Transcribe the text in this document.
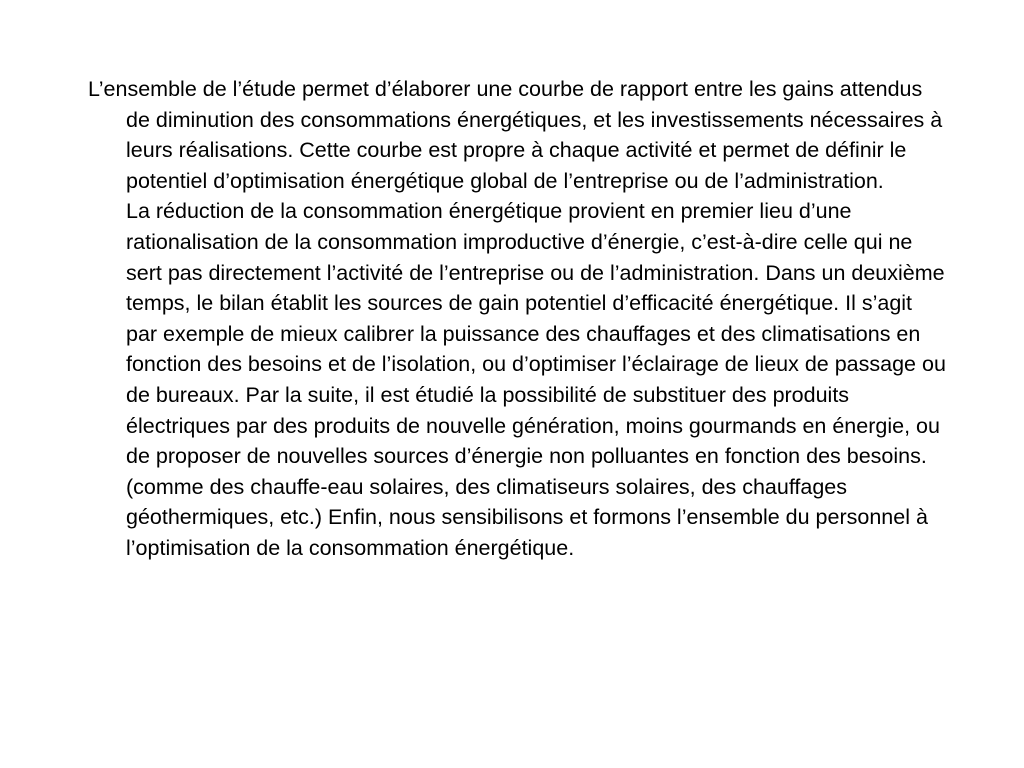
L’ensemble de l’étude permet d’élaborer une courbe de rapport entre les gains attendus de diminution des consommations énergétiques, et les investissements nécessaires à leurs réalisations. Cette courbe est propre à chaque activité et permet de définir le potentiel d’optimisation énergétique global de l’entreprise ou de l’administration.

La réduction de la consommation énergétique provient en premier lieu d’une rationalisation de la consommation improductive d’énergie, c’est-à-dire celle qui ne sert pas directement l’activité de l’entreprise ou de l’administration. Dans un deuxième temps, le bilan établit les sources de gain potentiel d’efficacité énergétique. Il s’agit par exemple de mieux calibrer la puissance des chauffages et des climatisations en fonction des besoins et de l’isolation, ou d’optimiser l’éclairage de lieux de passage ou de bureaux. Par la suite, il est étudié la possibilité de substituer des produits électriques par des produits de nouvelle génération, moins gourmands en énergie, ou de proposer de nouvelles sources d’énergie non polluantes en fonction des besoins. (comme des chauffe-eau solaires, des climatiseurs solaires, des chauffages géothermiques, etc.) Enfin, nous sensibilisons et formons l’ensemble du personnel à l’optimisation de la consommation énergétique.
